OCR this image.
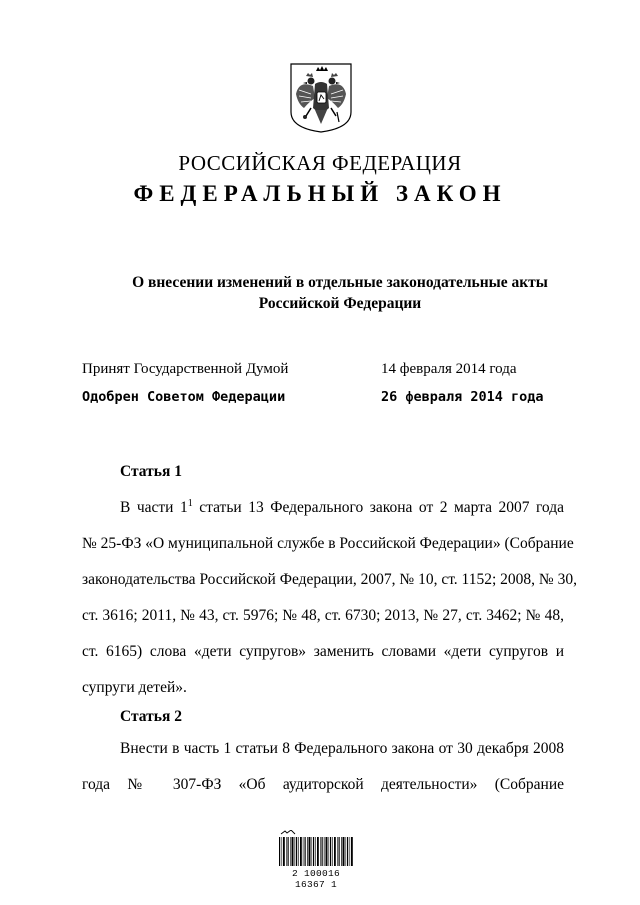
РОССИЙСКАЯ ФЕДЕРАЦИЯ
ФЕДЕРАЛЬНЫЙ ЗАКОН
О внесении изменений в отдельные законодательные акты
Российской Федерации
Принят Государственной Думой	14 февраля 2014 года
Одобрен Советом Федерации	26 февраля 2014 года
Статья 1
В части $1^1$ статьи 13 Федерального закона от 2 марта 2007 года
№ 25-ФЗ «О муниципальной службе в Российской Федерации» (Собрание
законодательства Российской Федерации, 2007, № 10, ст. 1152; 2008, № 30,
ст. 3616; 2011, № 43, ст. 5976; № 48, ст. 6730; 2013, № 27, ст. 3462; № 48,
ст. 6165) слова «дети супругов» заменить словами «дети супругов и
супруги детей».
Статья 2
Внести в часть 1 статьи 8 Федерального закона от 30 декабря 2008
года № 307-ФЗ «Об аудиторской деятельности» (Собрание
2 100016 16367 1
